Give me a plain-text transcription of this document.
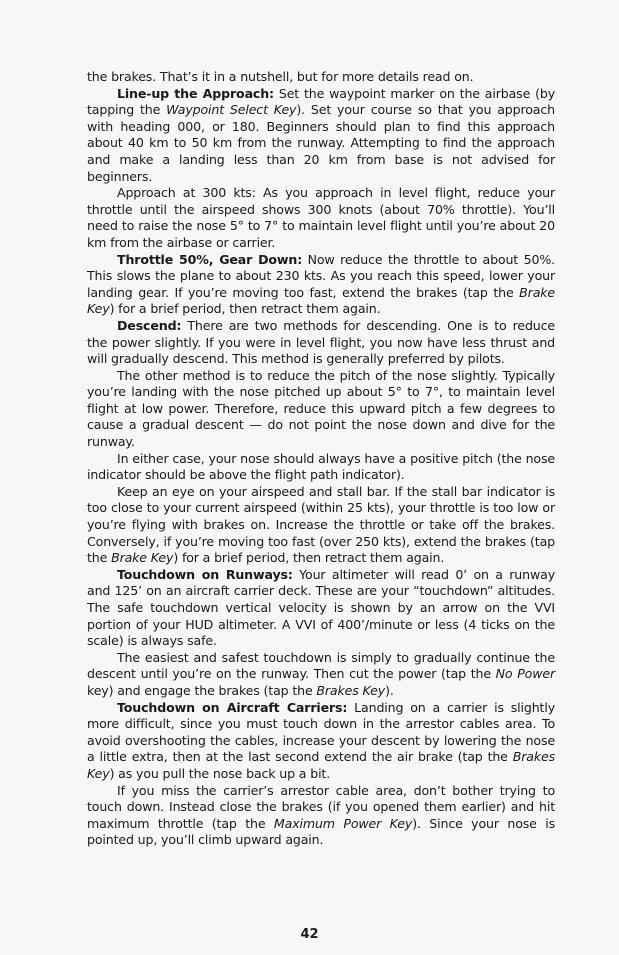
the brakes. That’s it in a nutshell, but for more details read on.

Line-up the Approach: Set the waypoint marker on the airbase (by tapping the Waypoint Select Key). Set your course so that you approach with heading 000, or 180. Beginners should plan to find this approach about 40 km to 50 km from the runway. Attempting to find the approach and make a landing less than 20 km from base is not advised for beginners.

Approach at 300 kts: As you approach in level flight, reduce your throttle until the airspeed shows 300 knots (about 70% throttle). You’ll need to raise the nose 5° to 7° to maintain level flight until you’re about 20 km from the airbase or carrier.

Throttle 50%, Gear Down: Now reduce the throttle to about 50%. This slows the plane to about 230 kts. As you reach this speed, lower your landing gear. If you’re moving too fast, extend the brakes (tap the Brake Key) for a brief period, then retract them again.

Descend: There are two methods for descending. One is to reduce the power slightly. If you were in level flight, you now have less thrust and will gradually descend. This method is generally preferred by pilots.

The other method is to reduce the pitch of the nose slightly. Typically you’re landing with the nose pitched up about 5° to 7°, to maintain level flight at low power. Therefore, reduce this upward pitch a few degrees to cause a gradual descent — do not point the nose down and dive for the runway.

In either case, your nose should always have a positive pitch (the nose indicator should be above the flight path indicator).

Keep an eye on your airspeed and stall bar. If the stall bar indicator is too close to your current airspeed (within 25 kts), your throttle is too low or you’re flying with brakes on. Increase the throttle or take off the brakes. Conversely, if you’re moving too fast (over 250 kts), extend the brakes (tap the Brake Key) for a brief period, then retract them again.

Touchdown on Runways: Your altimeter will read 0’ on a runway and 125’ on an aircraft carrier deck. These are your “touchdown” altitudes. The safe touchdown vertical velocity is shown by an arrow on the VVI portion of your HUD altimeter. A VVI of 400’/minute or less (4 ticks on the scale) is always safe.

The easiest and safest touchdown is simply to gradually continue the descent until you’re on the runway. Then cut the power (tap the No Power key) and engage the brakes (tap the Brakes Key).

Touchdown on Aircraft Carriers: Landing on a carrier is slightly more difficult, since you must touch down in the arrestor cables area. To avoid overshooting the cables, increase your descent by lowering the nose a little extra, then at the last second extend the air brake (tap the Brakes Key) as you pull the nose back up a bit.

If you miss the carrier’s arrestor cable area, don’t bother trying to touch down. Instead close the brakes (if you opened them earlier) and hit maximum throttle (tap the Maximum Power Key). Since your nose is pointed up, you’ll climb upward again.

42
